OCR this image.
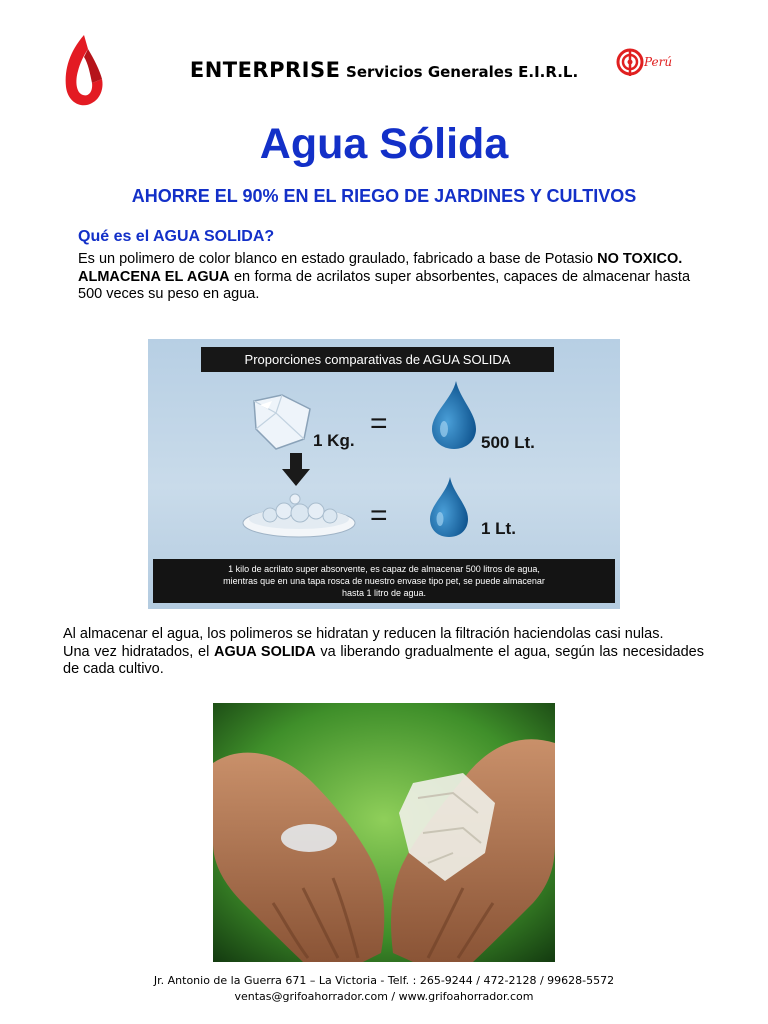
Perú
ENTERPRISE Servicios Generales E.I.R.L.
Agua Sólida
AHORRE EL 90% EN EL RIEGO DE JARDINES Y CULTIVOS
Qué es el AGUA SOLIDA?

Es un polimero de color blanco en estado graulado, fabricado a base de Potasio NO TOXICO.

ALMACENA EL AGUA en forma de acrilatos super absorbentes, capaces de almacenar hasta 500 veces su peso en agua.

Proporciones comparativas de AGUA SOLIDA
1 Kg.
=
500 Lt.
=	1 Lt.
1 kilo de acrilato super absorvente, es capaz de almacenar 500 litros de agua,
mientras que en una tapa rosca de nuestro envase tipo pet, se puede almacenar
hasta 1 litro de agua.

Al almacenar el agua, los polimeros se hidratan y reducen la filtración haciendolas casi nulas.

Una vez hidratados, el AGUA SOLIDA va liberando gradualmente el agua, según las necesidades de cada cultivo.

Jr. Antonio de la Guerra 671 – La Victoria - Telf. : 265-9244 / 472-2128 / 99628-5572
ventas@grifoahorrador.com / www.grifoahorrador.com
